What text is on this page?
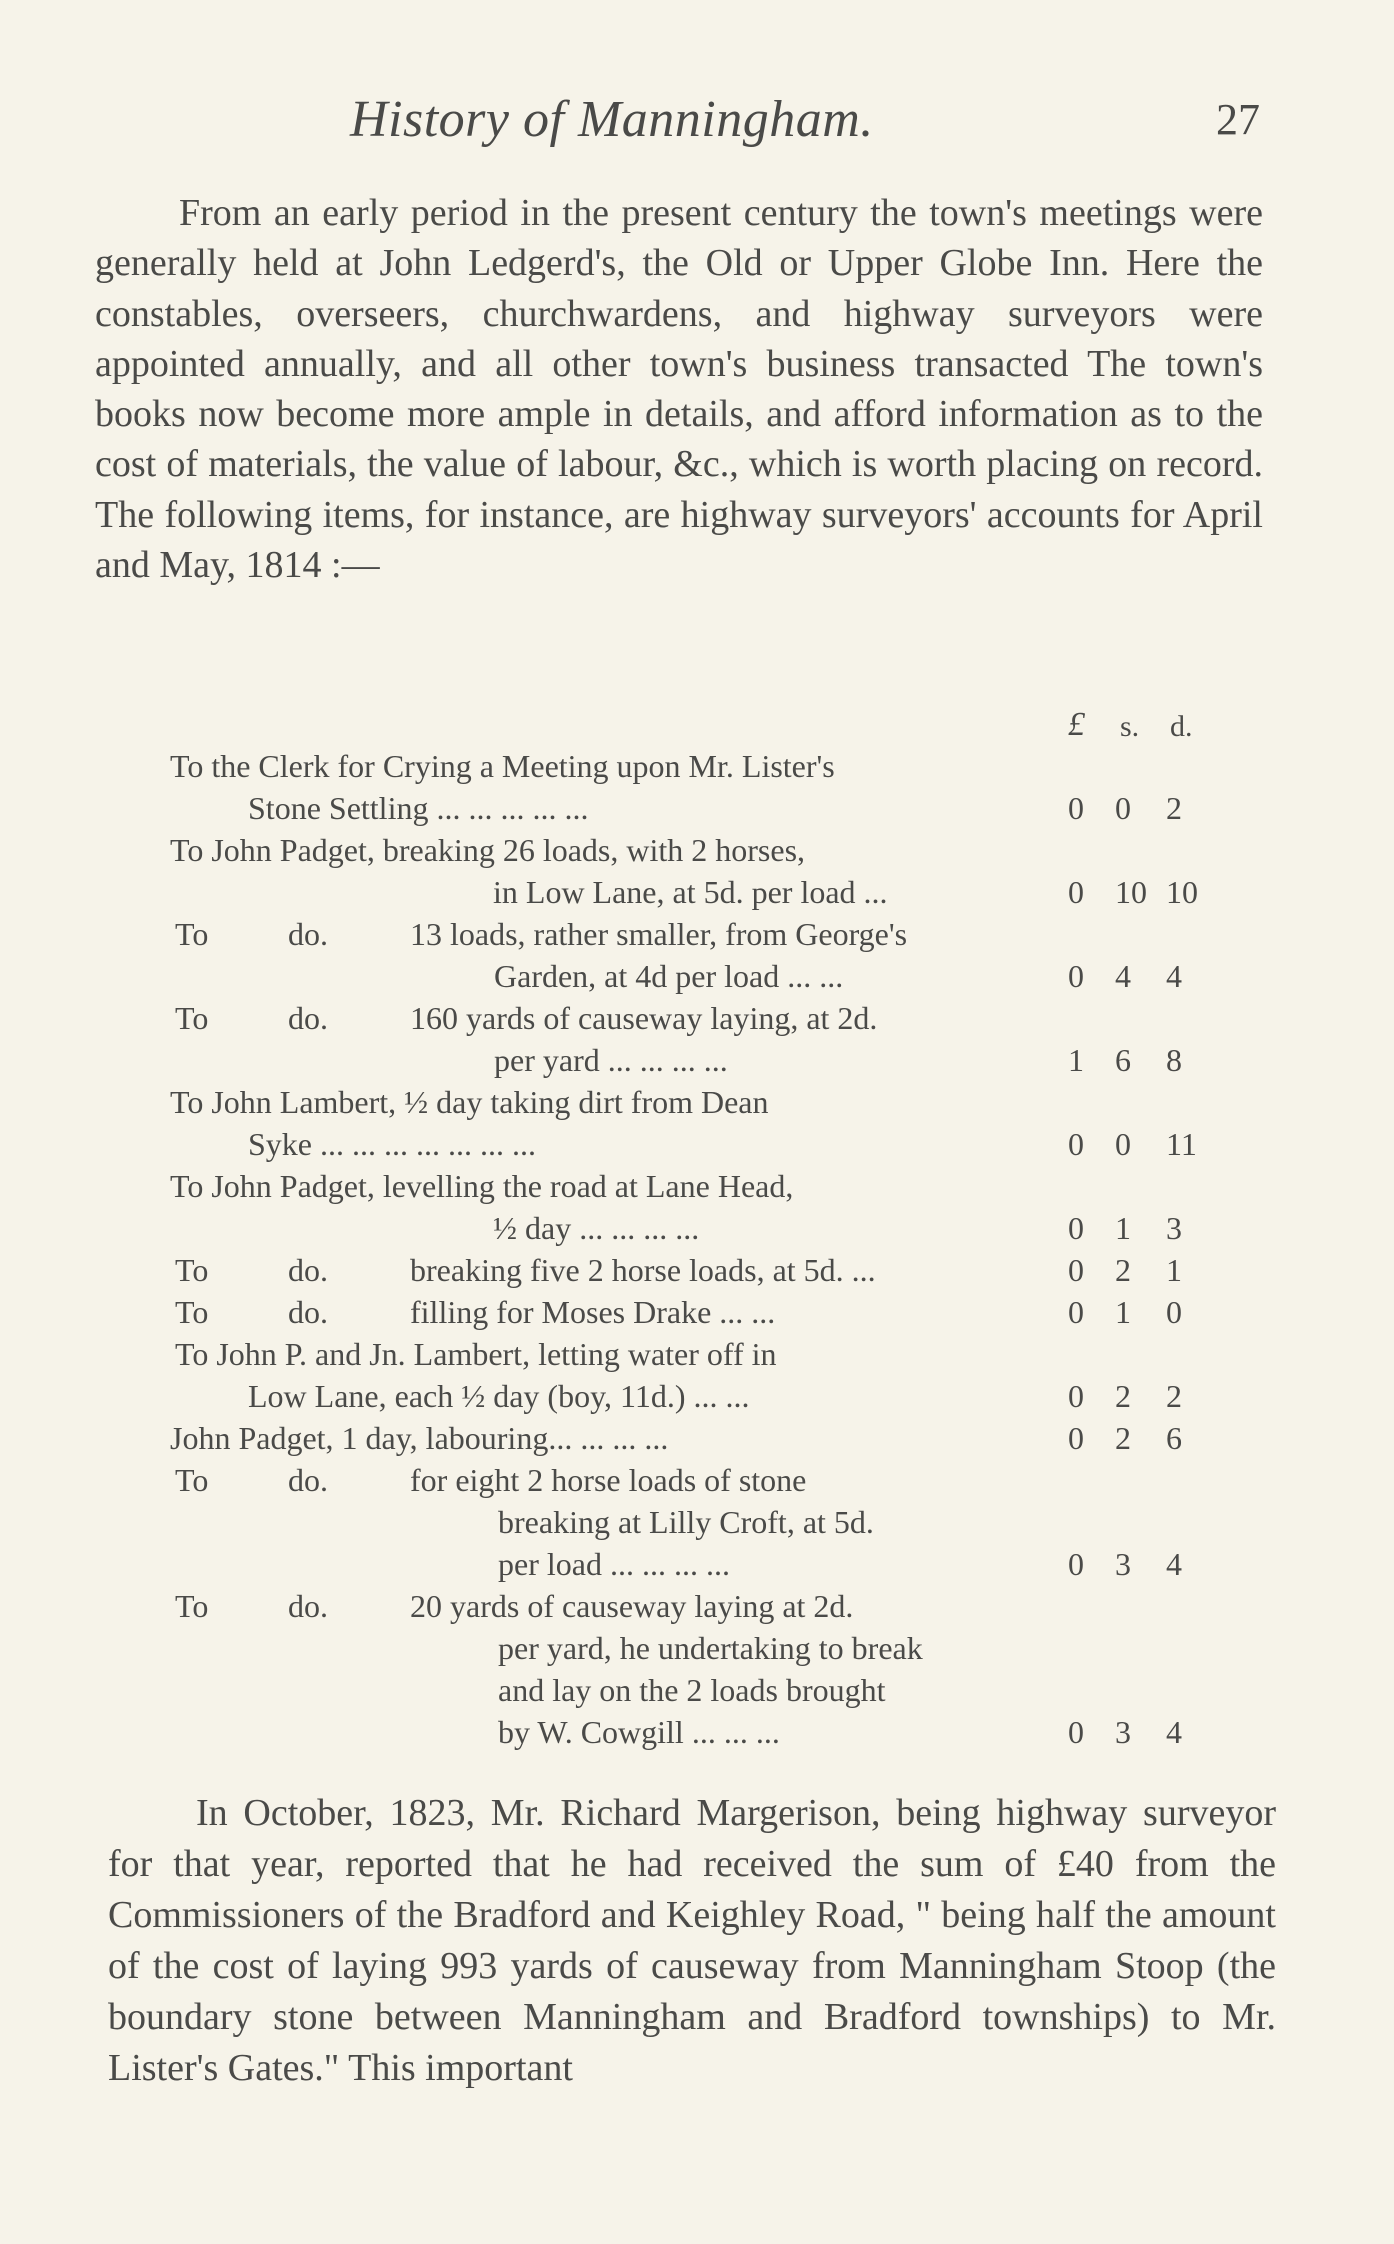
History of Manningham.	27

From an early period in the present century the town's meetings were generally held at John Ledgerd's, the Old or Upper Globe Inn. Here the constables, overseers, churchwardens, and highway surveyors were appointed annually, and all other town's business transacted The town's books now become more ample in details, and afford information as to the cost of materials, the value of labour, &c., which is worth placing on record. The following items, for instance, are highway surveyors' accounts for April and May, 1814 :—

£ s. d.
To the Clerk for Crying a Meeting upon Mr. Lister's
Stone Settling ... ... ... ... ...	0 0 2
To John Padget, breaking 26 loads, with 2 horses,
in Low Lane, at 5d. per load ...	0 10 10
To do.	13 loads, rather smaller, from George's
Garden, at 4d per load ... ...	0 4 4
To do.	160 yards of causeway laying, at 2d.
per yard ... ... ... ...	1 6 8
To John Lambert, ½ day taking dirt from Dean
Syke ... ... ... ... ... ... ...	0 0 11
To John Padget, levelling the road at Lane Head,
½ day ... ... ... ...	0 1 3
To do.	breaking five 2 horse loads, at 5d. ...	0 2 1
To do.	filling for Moses Drake ... ...	0 1 0
To John P. and Jn. Lambert, letting water off in
Low Lane, each ½ day (boy, 11d.) ... ...	0 2 2
John Padget, 1 day, labouring... ... ... ...	0 2 6
To do.	for eight 2 horse loads of stone
breaking at Lilly Croft, at 5d.
per load ... ... ... ...	0 3 4
To do.	20 yards of causeway laying at 2d.
per yard, he undertaking to break
and lay on the 2 loads brought
by W. Cowgill ... ... ...	0 3 4

In October, 1823, Mr. Richard Margerison, being highway surveyor for that year, reported that he had received the sum of £40 from the Commissioners of the Bradford and Keighley Road, " being half the amount of the cost of laying 993 yards of causeway from Manningham Stoop (the boundary stone between Manningham and Bradford townships) to Mr. Lister's Gates." This important
